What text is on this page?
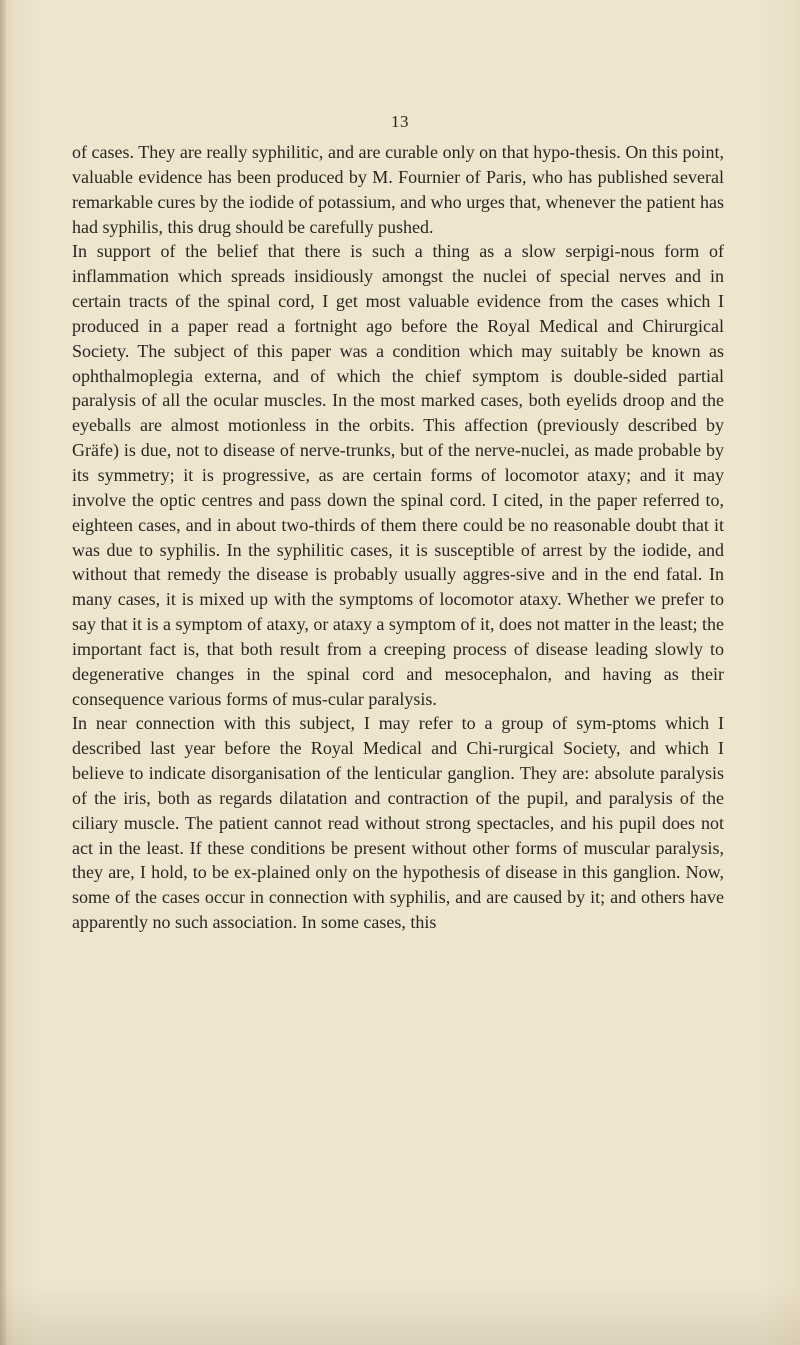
13

of cases. They are really syphilitic, and are curable only on that hypo-thesis. On this point, valuable evidence has been produced by M. Fournier of Paris, who has published several remarkable cures by the iodide of potassium, and who urges that, whenever the patient has had syphilis, this drug should be carefully pushed.

In support of the belief that there is such a thing as a slow serpigi-nous form of inflammation which spreads insidiously amongst the nuclei of special nerves and in certain tracts of the spinal cord, I get most valuable evidence from the cases which I produced in a paper read a fortnight ago before the Royal Medical and Chirurgical Society. The subject of this paper was a condition which may suitably be known as ophthalmoplegia externa, and of which the chief symptom is double-sided partial paralysis of all the ocular muscles. In the most marked cases, both eyelids droop and the eyeballs are almost motionless in the orbits. This affection (previously described by Gräfe) is due, not to disease of nerve-trunks, but of the nerve-nuclei, as made probable by its symmetry; it is progressive, as are certain forms of locomotor ataxy; and it may involve the optic centres and pass down the spinal cord. I cited, in the paper referred to, eighteen cases, and in about two-thirds of them there could be no reasonable doubt that it was due to syphilis. In the syphilitic cases, it is susceptible of arrest by the iodide, and without that remedy the disease is probably usually aggres-sive and in the end fatal. In many cases, it is mixed up with the symptoms of locomotor ataxy. Whether we prefer to say that it is a symptom of ataxy, or ataxy a symptom of it, does not matter in the least; the important fact is, that both result from a creeping process of disease leading slowly to degenerative changes in the spinal cord and mesocephalon, and having as their consequence various forms of mus-cular paralysis.

In near connection with this subject, I may refer to a group of sym-ptoms which I described last year before the Royal Medical and Chi-rurgical Society, and which I believe to indicate disorganisation of the lenticular ganglion. They are: absolute paralysis of the iris, both as regards dilatation and contraction of the pupil, and paralysis of the ciliary muscle. The patient cannot read without strong spectacles, and his pupil does not act in the least. If these conditions be present without other forms of muscular paralysis, they are, I hold, to be ex-plained only on the hypothesis of disease in this ganglion. Now, some of the cases occur in connection with syphilis, and are caused by it; and others have apparently no such association. In some cases, this
